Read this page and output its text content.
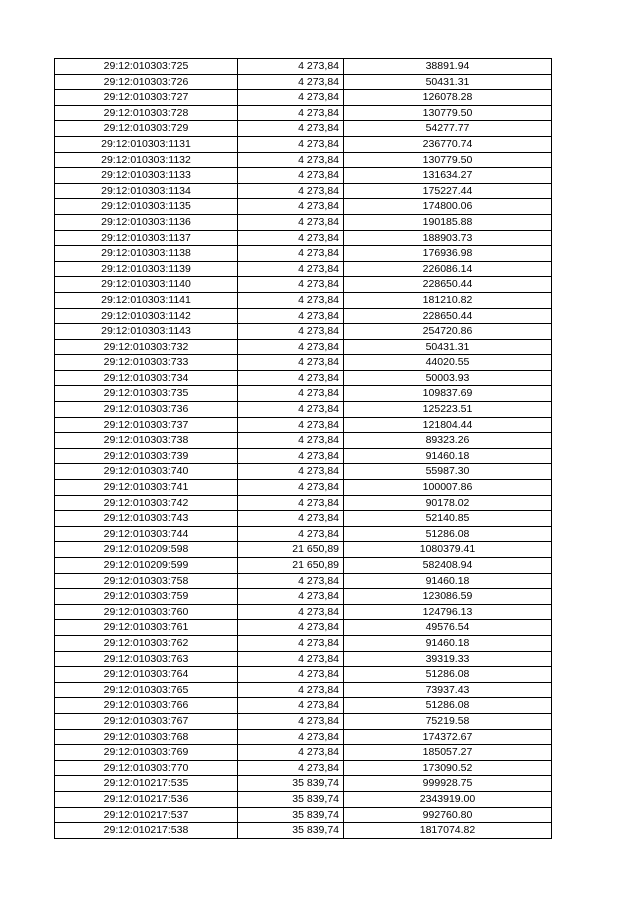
29:12:010303:725	4 273,84	38891.94
29:12:010303:726	4 273,84	50431.31
29:12:010303:727	4 273,84	126078.28
29:12:010303:728	4 273,84	130779.50
29:12:010303:729	4 273,84	54277.77
29:12:010303:1131	4 273,84	236770.74
29:12:010303:1132	4 273,84	130779.50
29:12:010303:1133	4 273,84	131634.27
29:12:010303:1134	4 273,84	175227.44
29:12:010303:1135	4 273,84	174800.06
29:12:010303:1136	4 273,84	190185.88
29:12:010303:1137	4 273,84	188903.73
29:12:010303:1138	4 273,84	176936.98
29:12:010303:1139	4 273,84	226086.14
29:12:010303:1140	4 273,84	228650.44
29:12:010303:1141	4 273,84	181210.82
29:12:010303:1142	4 273,84	228650.44
29:12:010303:1143	4 273,84	254720.86
29:12:010303:732	4 273,84	50431.31
29:12:010303:733	4 273,84	44020.55
29:12:010303:734	4 273,84	50003.93
29:12:010303:735	4 273,84	109837.69
29:12:010303:736	4 273,84	125223.51
29:12:010303:737	4 273,84	121804.44
29:12:010303:738	4 273,84	89323.26
29:12:010303:739	4 273,84	91460.18
29:12:010303:740	4 273,84	55987.30
29:12:010303:741	4 273,84	100007.86
29:12:010303:742	4 273,84	90178.02
29:12:010303:743	4 273,84	52140.85
29:12:010303:744	4 273,84	51286.08
29:12:010209:598	21 650,89	1080379.41
29:12:010209:599	21 650,89	582408.94
29:12:010303:758	4 273,84	91460.18
29:12:010303:759	4 273,84	123086.59
29:12:010303:760	4 273,84	124796.13
29:12:010303:761	4 273,84	49576.54
29:12:010303:762	4 273,84	91460.18
29:12:010303:763	4 273,84	39319.33
29:12:010303:764	4 273,84	51286.08
29:12:010303:765	4 273,84	73937.43
29:12:010303:766	4 273,84	51286.08
29:12:010303:767	4 273,84	75219.58
29:12:010303:768	4 273,84	174372.67
29:12:010303:769	4 273,84	185057.27
29:12:010303:770	4 273,84	173090.52
29:12:010217:535	35 839,74	999928.75
29:12:010217:536	35 839,74	2343919.00
29:12:010217:537	35 839,74	992760.80
29:12:010217:538	35 839,74	1817074.82
